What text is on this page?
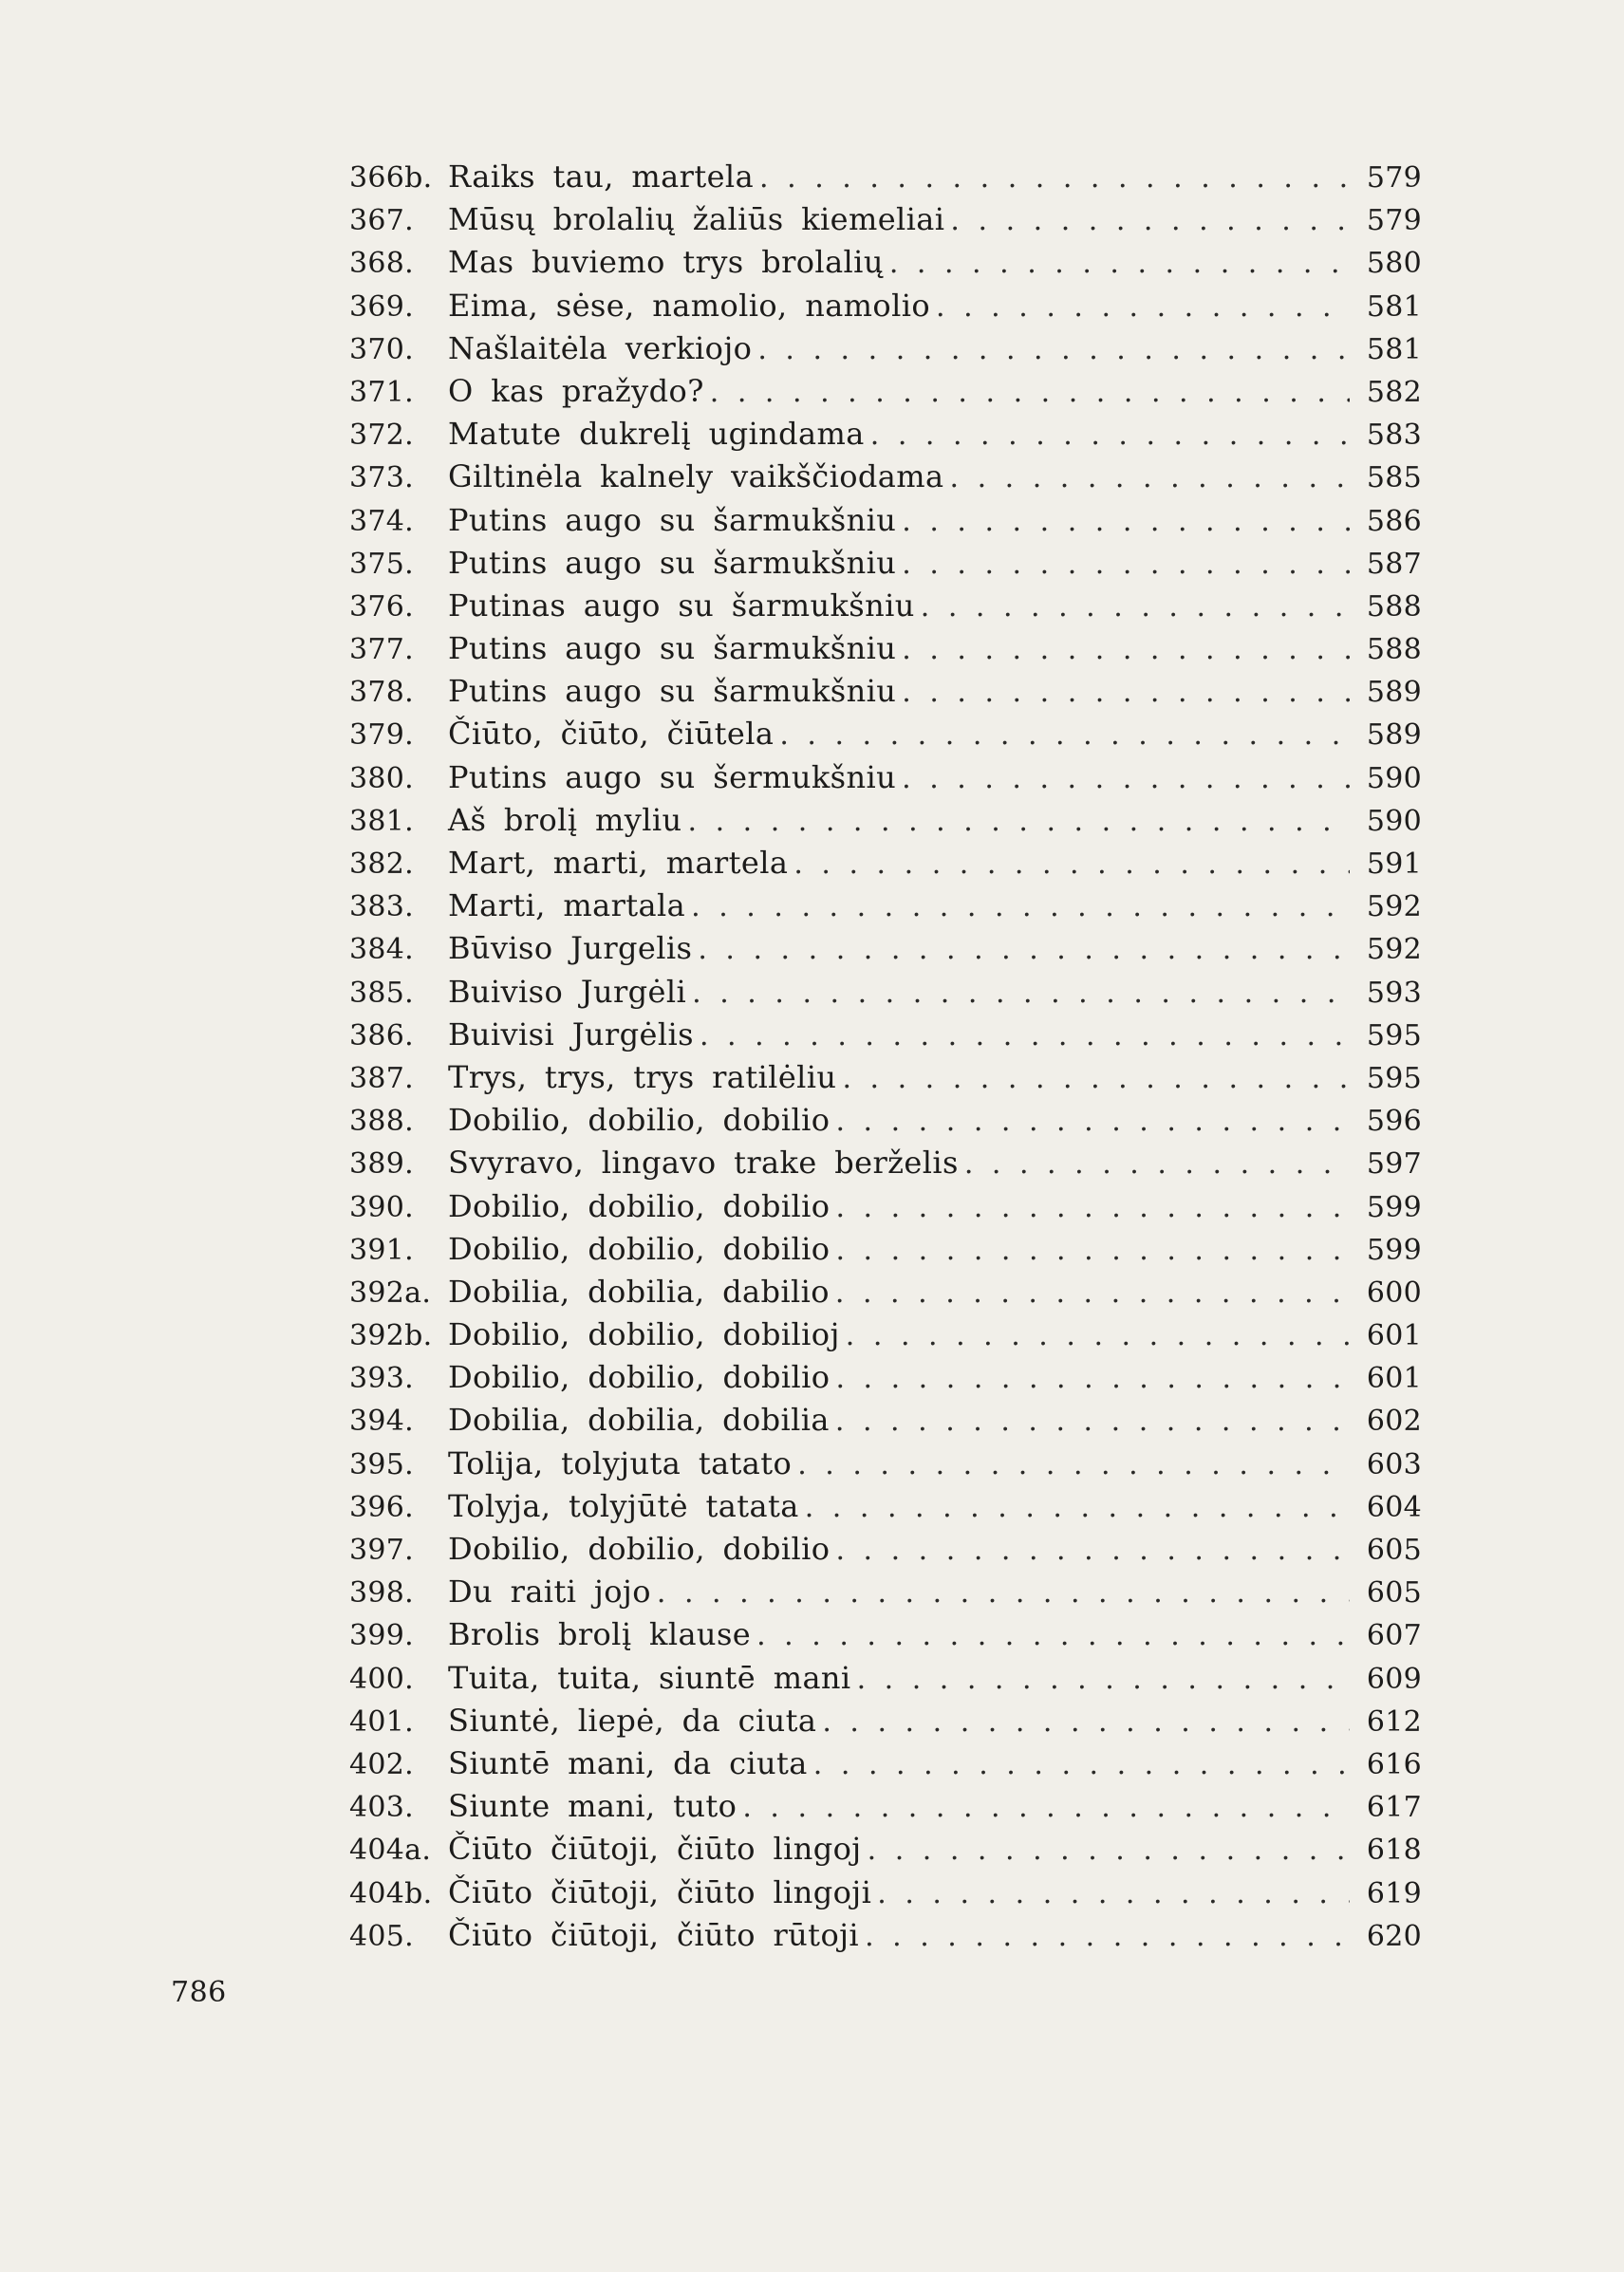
366b. Raiks tau, martela . . .	579
367.	Mūsų brolalių žaliūs kiemeliai . . .	579
368.	Mas buviemo trys brolalių . . .	580
369.	Eima, sėse, namolio, namolio . . .	581
370.	Našlaitėla verkiojo . . .	581
371.	O kas pražydo? . . .	582
372.	Matute dukrelį ugindama . . .	583
373.	Giltinėla kalnely vaikščiodama . . .	585
374.	Putins augo su šarmukšniu . . .	586
375.	Putins augo su šarmukšniu . . .	587
376.	Putinas augo su šarmukšniu . . .	588
377.	Putins augo su šarmukšniu . . .	588
378.	Putins augo su šarmukšniu . . .	589
379.	Čiūto, čiūto, čiūtela . . .	589
380.	Putins augo su šermukšniu . . .	590
381.	Aš brolį myliu . . .	590
382.	Mart, marti, martela . . .	591
383.	Marti, martala . . .	592
384.	Būviso Jurgelis . . .	592
385.	Buiviso Jurgėli . . .	593
386.	Buivisi Jurgėlis . . .	595
387.	Trys, trys, trys ratilėliu . . .	595
388.	Dobilio, dobilio, dobilio . . .	596
389.	Svyravo, lingavo trake berželis . . .	597
390.	Dobilio, dobilio, dobilio . . .	599
391.	Dobilio, dobilio, dobilio . . .	599
392a. Dobilia, dobilia, dabilio . . .	600
392b. Dobilio, dobilio, dobilioj . . .	601
393.	Dobilio, dobilio, dobilio . . .	601
394.	Dobilia, dobilia, dobilia . . .	602
395.	Tolija, tolyjuta tatato . . .	603
396.	Tolyja, tolyjūtė tatata . . .	604
397.	Dobilio, dobilio, dobilio . . .	605
398.	Du raiti jojo . . .	605
399.	Brolis brolį klause . . .	607
400.	Tuita, tuita, siuntē mani . . .	609
401.	Siuntė, liepė, da ciuta . . .	612
402.	Siuntē mani, da ciuta . . .	616
403.	Siunte mani, tuto . . .	617
404a. Čiūto čiūtoji, čiūto lingoj . . .	618
404b. Čiūto čiūtoji, čiūto lingoji . . .	619
405.	Čiūto čiūtoji, čiūto rūtoji . . .	620
786
